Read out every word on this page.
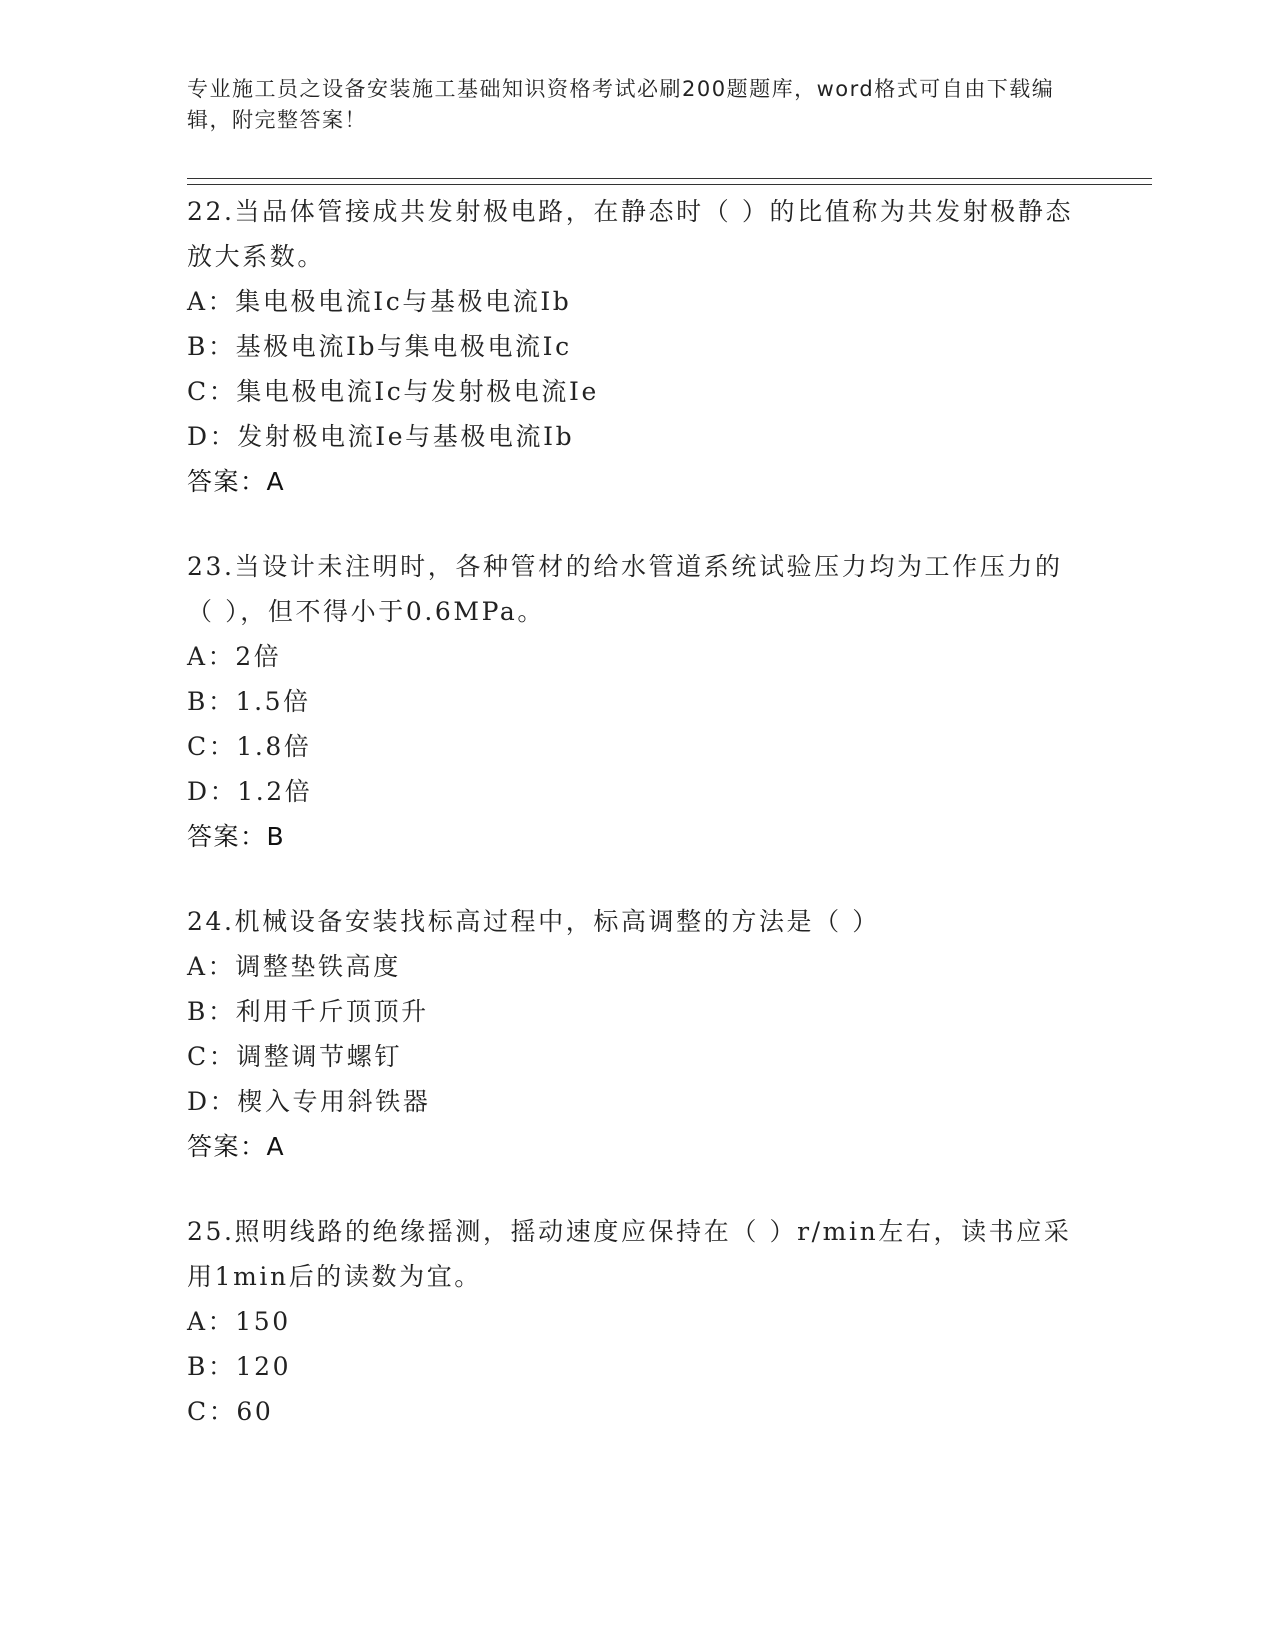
专业施工员之设备安装施工基础知识资格考试必刷200题题库，word格式可自由下载编辑，附完整答案！

22.当品体管接成共发射极电路，在静态时（ ）的比值称为共发射极静态放大系数。

A：集电极电流Ic与基极电流Ib

B：基极电流Ib与集电极电流Ic

C：集电极电流Ic与发射极电流Ie

D：发射极电流Ie与基极电流Ib

答案：A

23.当设计未注明时，各种管材的给水管道系统试验压力均为工作压力的（ ），但不得小于0.6MPa。

A：2倍

B：1.5倍

C：1.8倍

D：1.2倍

答案：B

24.机械设备安装找标高过程中，标高调整的方法是（ ）

A：调整垫铁高度

B：利用千斤顶顶升

C：调整调节螺钉

D：楔入专用斜铁器

答案：A

25.照明线路的绝缘摇测，摇动速度应保持在（ ）r/min左右，读书应采用1min后的读数为宜。

A：150

B：120

C：60
